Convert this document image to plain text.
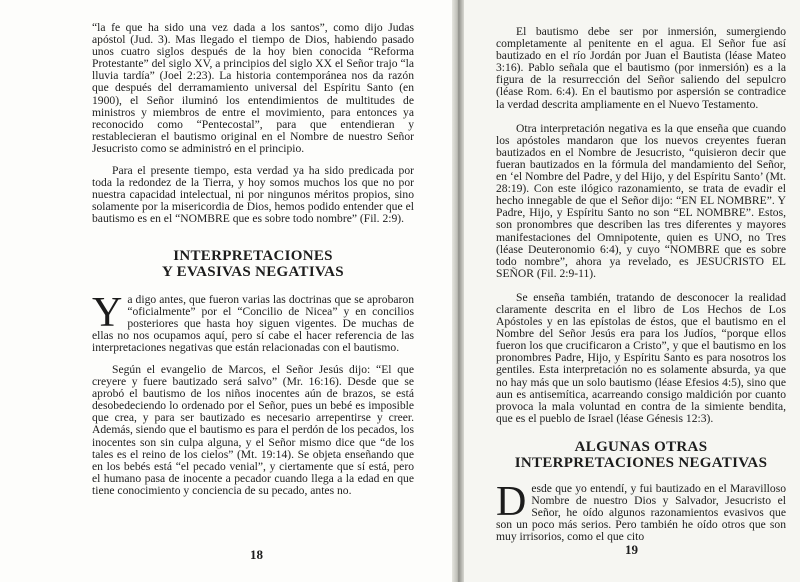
“la fe que ha sido una vez dada a los santos”, como dijo Judas apóstol (Jud. 3). Mas llegado el tiempo de Dios, habiendo pasado unos cuatro siglos después de la hoy bien conocida “Reforma Protestante” del siglo XV, a principios del siglo XX el Señor trajo “la lluvia tardía” (Joel 2:23). La historia contemporánea nos da razón que después del derramamiento universal del Espíritu Santo (en 1900), el Señor iluminó los entendimientos de multitudes de ministros y miembros de entre el movimiento, para entonces ya reconocido como “Pentecostal”, para que entendieran y restablecieran el bautismo original en el Nombre de nuestro Señor Jesucristo como se administró en el principio.

Para el presente tiempo, esta verdad ya ha sido predicada por toda la redondez de la Tierra, y hoy somos muchos los que no por nuestra capacidad intelectual, ni por ningunos méritos propios, sino solamente por la misericordia de Dios, hemos podido entender que el bautismo es en el “NOMBRE que es sobre todo nombre” (Fil. 2:9).

INTERPRETACIONES
Y EVASIVAS NEGATIVAS

Ya digo antes, que fueron varias las doctrinas que se aprobaron “oficialmente” por el “Concilio de Nicea” y en concilios posteriores que hasta hoy siguen vigentes. De muchas de ellas no nos ocupamos aquí, pero sí cabe el hacer referencia de las interpretaciones negativas que están relacionadas con el bautismo.

Según el evangelio de Marcos, el Señor Jesús dijo: “El que creyere y fuere bautizado será salvo” (Mr. 16:16). Desde que se aprobó el bautismo de los niños inocentes aún de brazos, se está desobedeciendo lo ordenado por el Señor, pues un bebé es imposible que crea, y para ser bautizado es necesario arrepentirse y creer. Además, siendo que el bautismo es para el perdón de los pecados, los inocentes son sin culpa alguna, y el Señor mismo dice que “de los tales es el reino de los cielos” (Mt. 19:14). Se objeta enseñando que en los bebés está “el pecado venial”, y ciertamente que sí está, pero el humano pasa de inocente a pecador cuando llega a la edad en que tiene conocimiento y conciencia de su pecado, antes no.

18

El bautismo debe ser por inmersión, sumergiendo completamente al penitente en el agua. El Señor fue así bautizado en el río Jordán por Juan el Bautista (léase Mateo 3:16). Pablo señala que el bautismo (por inmersión) es a la figura de la resurrección del Señor saliendo del sepulcro (léase Rom. 6:4). En el bautismo por aspersión se contradice la verdad descrita ampliamente en el Nuevo Testamento.

Otra interpretación negativa es la que enseña que cuando los apóstoles mandaron que los nuevos creyentes fueran bautizados en el Nombre de Jesucristo, “quisieron decir que fueran bautizados en la fórmula del mandamiento del Señor, en ‘el Nombre del Padre, y del Hijo, y del Espíritu Santo’ (Mt. 28:19). Con este ilógico razonamiento, se trata de evadir el hecho innegable de que el Señor dijo: “EN EL NOMBRE”. Y Padre, Hijo, y Espíritu Santo no son “EL NOMBRE”. Estos, son pronombres que describen las tres diferentes y mayores manifestaciones del Omnipotente, quien es UNO, no Tres (léase Deuteronomio 6:4), y cuyo “NOMBRE que es sobre todo nombre”, ahora ya revelado, es JESUCRISTO EL SEÑOR (Fil. 2:9-11).

Se enseña también, tratando de desconocer la realidad claramente descrita en el libro de Los Hechos de Los Apóstoles y en las epístolas de éstos, que el bautismo en el Nombre del Señor Jesús era para los Judíos, “porque ellos fueron los que crucificaron a Cristo”, y que el bautismo en los pronombres Padre, Hijo, y Espíritu Santo es para nosotros los gentiles. Esta interpretación no es solamente absurda, ya que no hay más que un solo bautismo (léase Efesios 4:5), sino que aun es antisemítica, acarreando consigo maldición por cuanto provoca la mala voluntad en contra de la simiente bendita, que es el pueblo de Israel (léase Génesis 12:3).

ALGUNAS OTRAS
INTERPRETACIONES NEGATIVAS

Desde que yo entendí, y fui bautizado en el Maravilloso Nombre de nuestro Dios y Salvador, Jesucristo el Señor, he oído algunos razonamientos evasivos que son un poco más serios. Pero también he oído otros que son muy irrisorios, como el que cito

19
